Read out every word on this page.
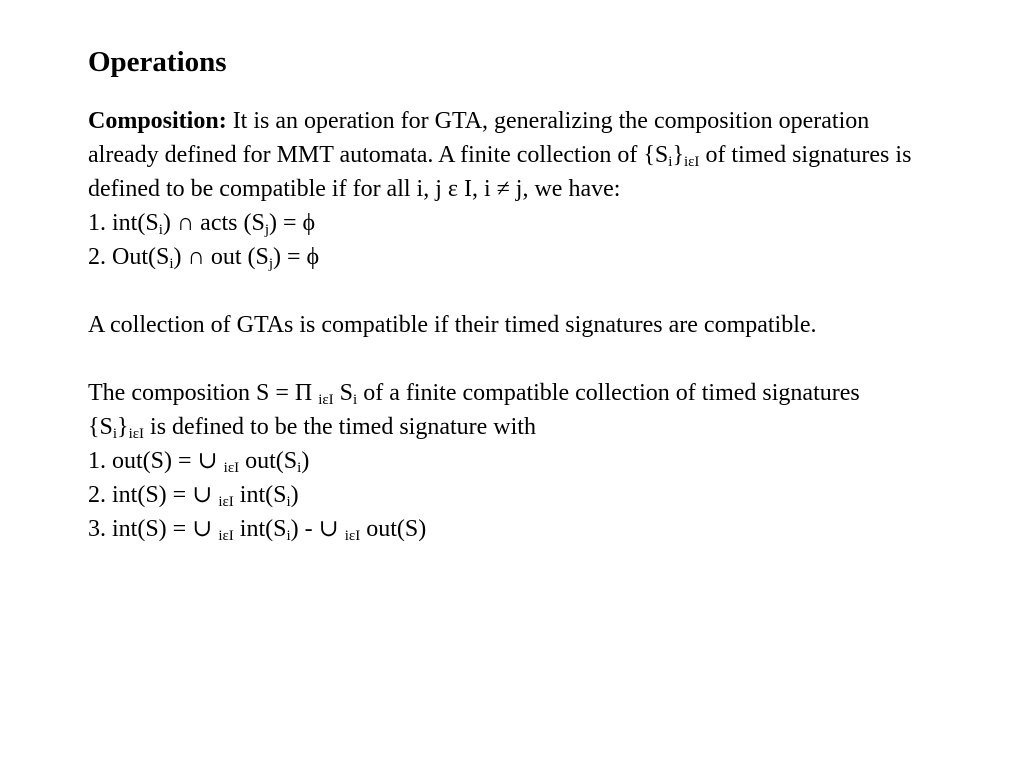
Operations

Composition: It is an operation for GTA, generalizing the composition operation already defined for MMT automata. A finite collection of $\{S_i\}_{i\varepsilon I}$ of timed signatures is defined to be compatible if for all i, j ε I, i ≠ j, we have:

1. $int(S_i)$ ∩ acts $(S_j) = \phi$

2. $Out(S_i)$ ∩ out $(S_j) = \phi$

A collection of GTAs is compatible if their timed signatures are compatible.

The composition S = Π $_{i\varepsilon I}$ $S_i$ of a finite compatible collection of timed signatures $\{S_i\}_{i\varepsilon I}$ is defined to be the timed signature with

1. out(S) = ∪ $_{i\varepsilon I}$ $out(S_i)$

2. int(S) = ∪ $_{i\varepsilon I}$ $int(S_i)$

3. int(S) = ∪ $_{i\varepsilon I}$ $int(S_i)$ - ∪ $_{i\varepsilon I}$ out(S)
